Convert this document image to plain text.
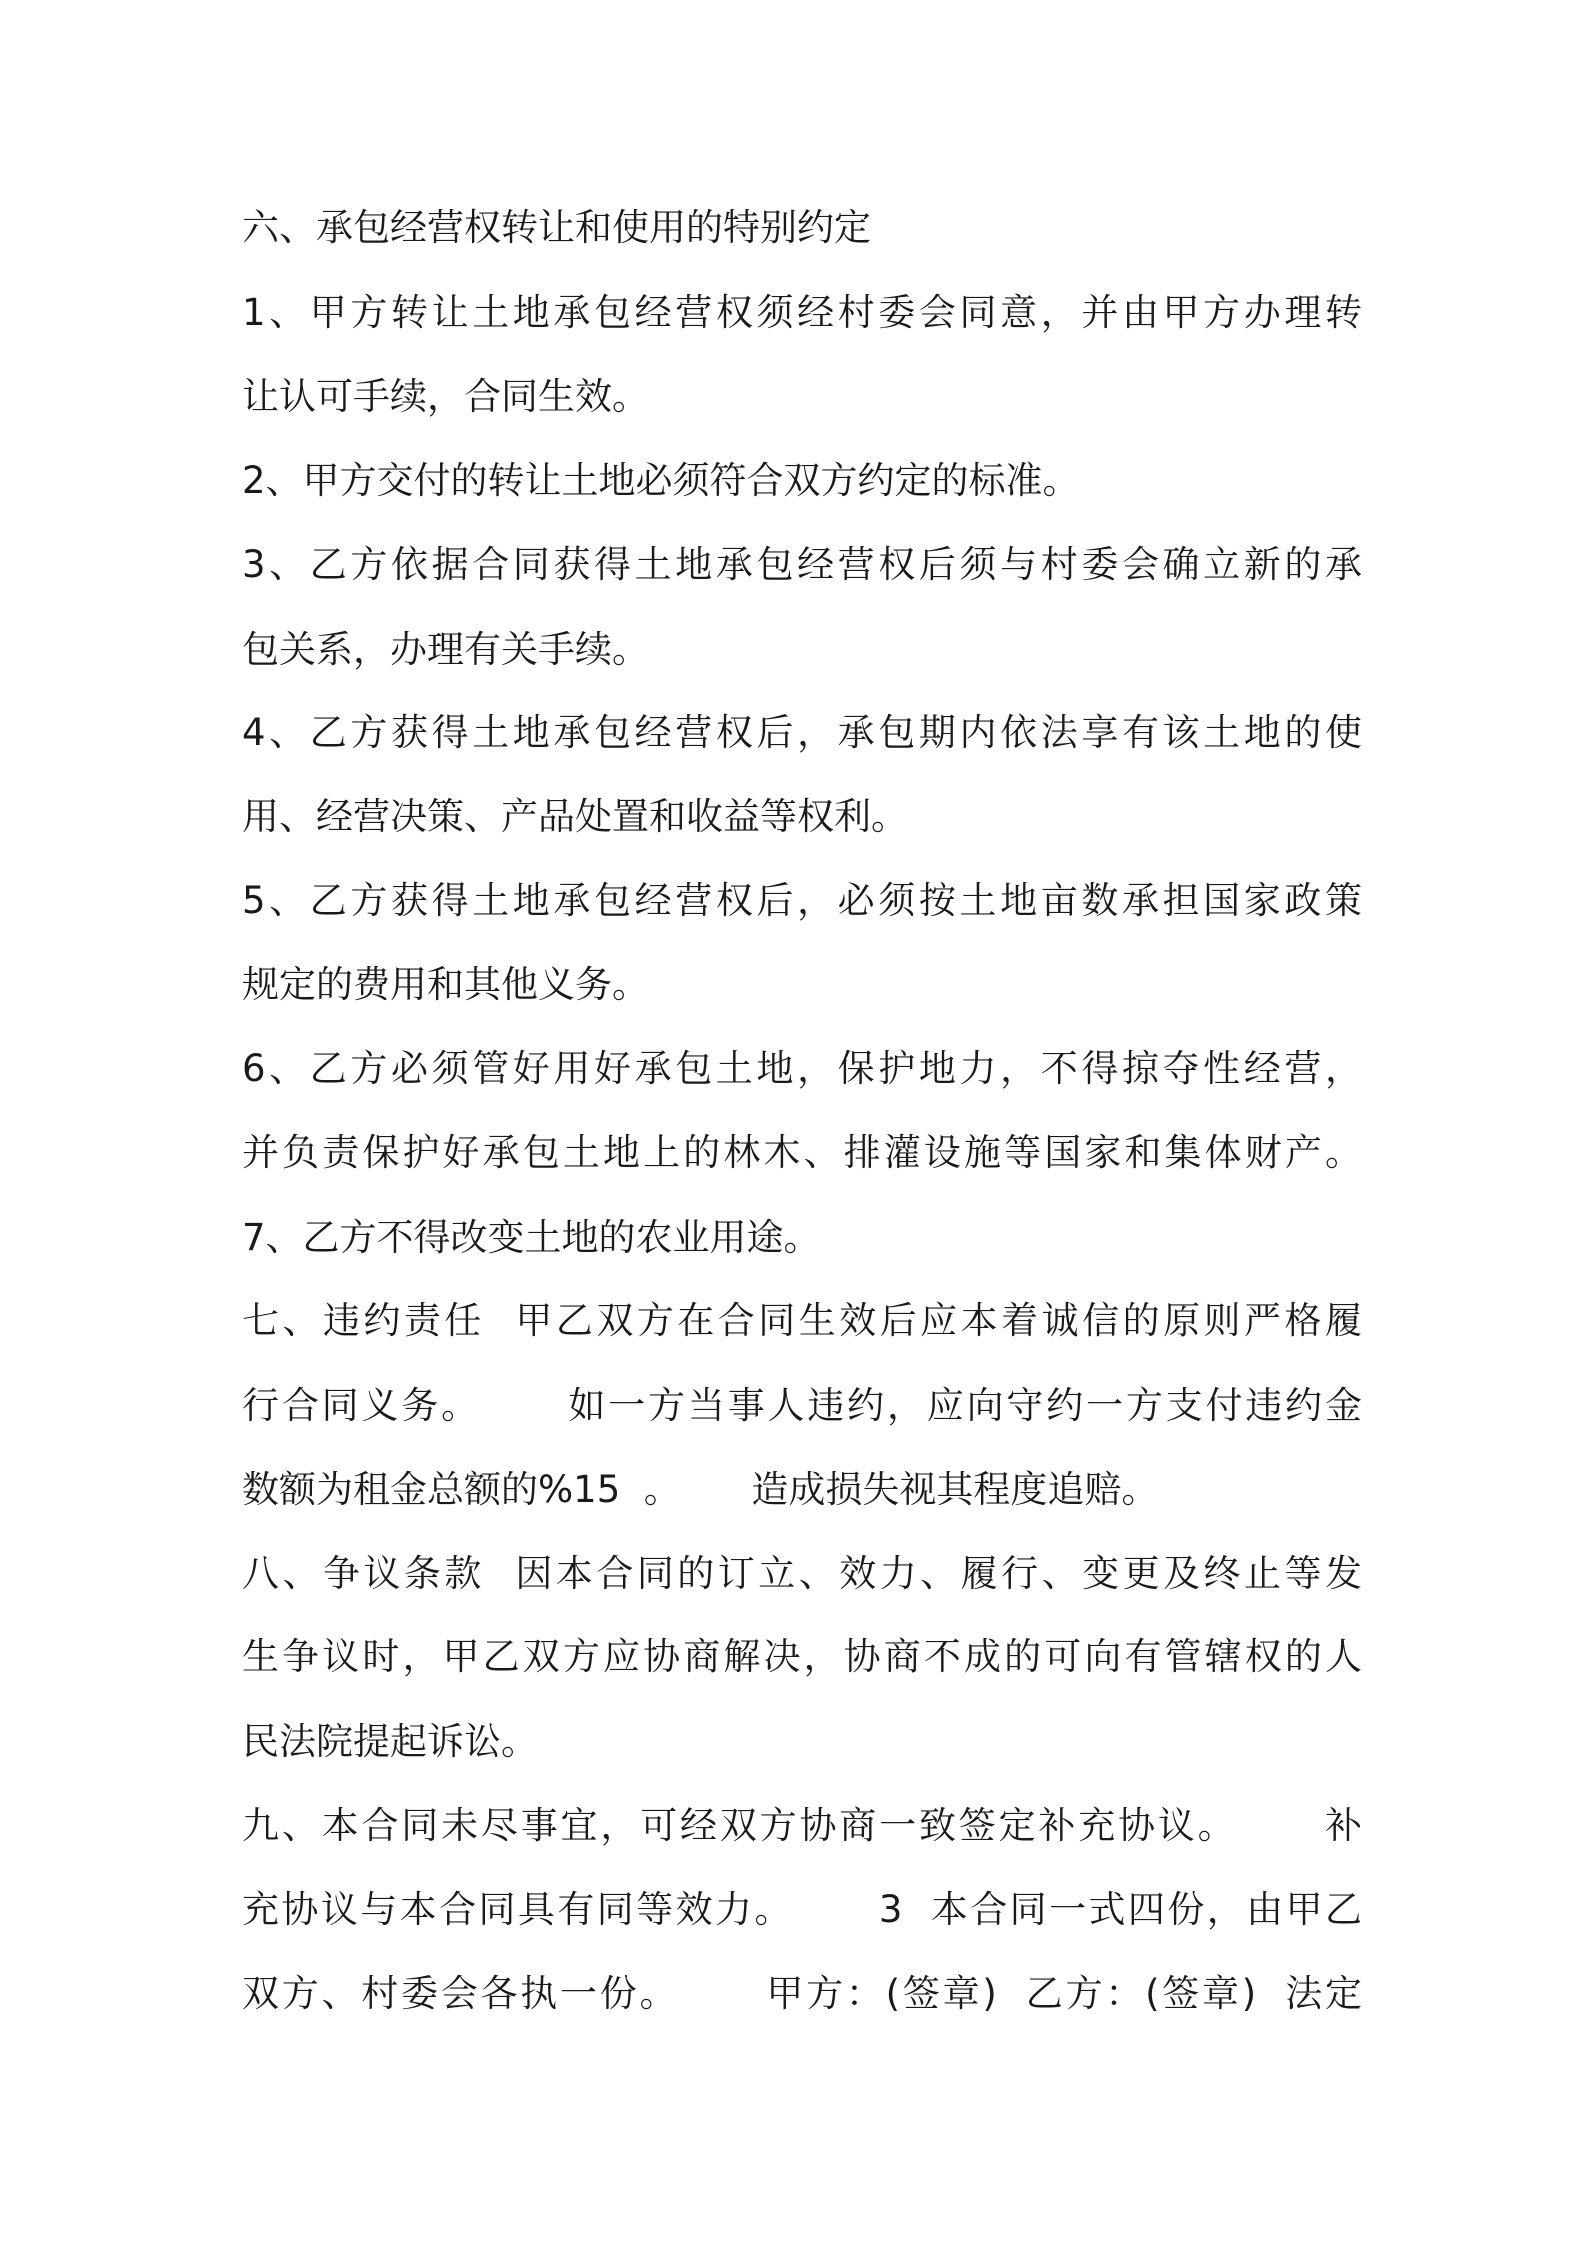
六、承包经营权转让和使用的特别约定
1、甲方转让土地承包经营权须经村委会同意，并由甲方办理转
让认可手续，合同生效。
2、甲方交付的转让土地必须符合双方约定的标准。
3、乙方依据合同获得土地承包经营权后须与村委会确立新的承
包关系，办理有关手续。
4、乙方获得土地承包经营权后，承包期内依法享有该土地的使
用、经营决策、产品处置和收益等权利。
5、乙方获得土地承包经营权后，必须按土地亩数承担国家政策
规定的费用和其他义务。
6、乙方必须管好用好承包土地，保护地力，不得掠夺性经营，
并负责保护好承包土地上的林木、排灌设施等国家和集体财产。
7、乙方不得改变土地的农业用途。
七、违约责任  甲乙双方在合同生效后应本着诚信的原则严格履
行合同义务。      如一方当事人违约，应向守约一方支付违约金
数额为租金总额的%15  。      造成损失视其程度追赔。
八、争议条款  因本合同的订立、效力、履行、变更及终止等发
生争议时，甲乙双方应协商解决，协商不成的可向有管辖权的人
民法院提起诉讼。
九、本合同未尽事宜，可经双方协商一致签定补充协议。      补
充协议与本合同具有同等效力。      3  本合同一式四份，由甲乙
双方、村委会各执一份。      甲方：(签章)  乙方：(签章)  法定
